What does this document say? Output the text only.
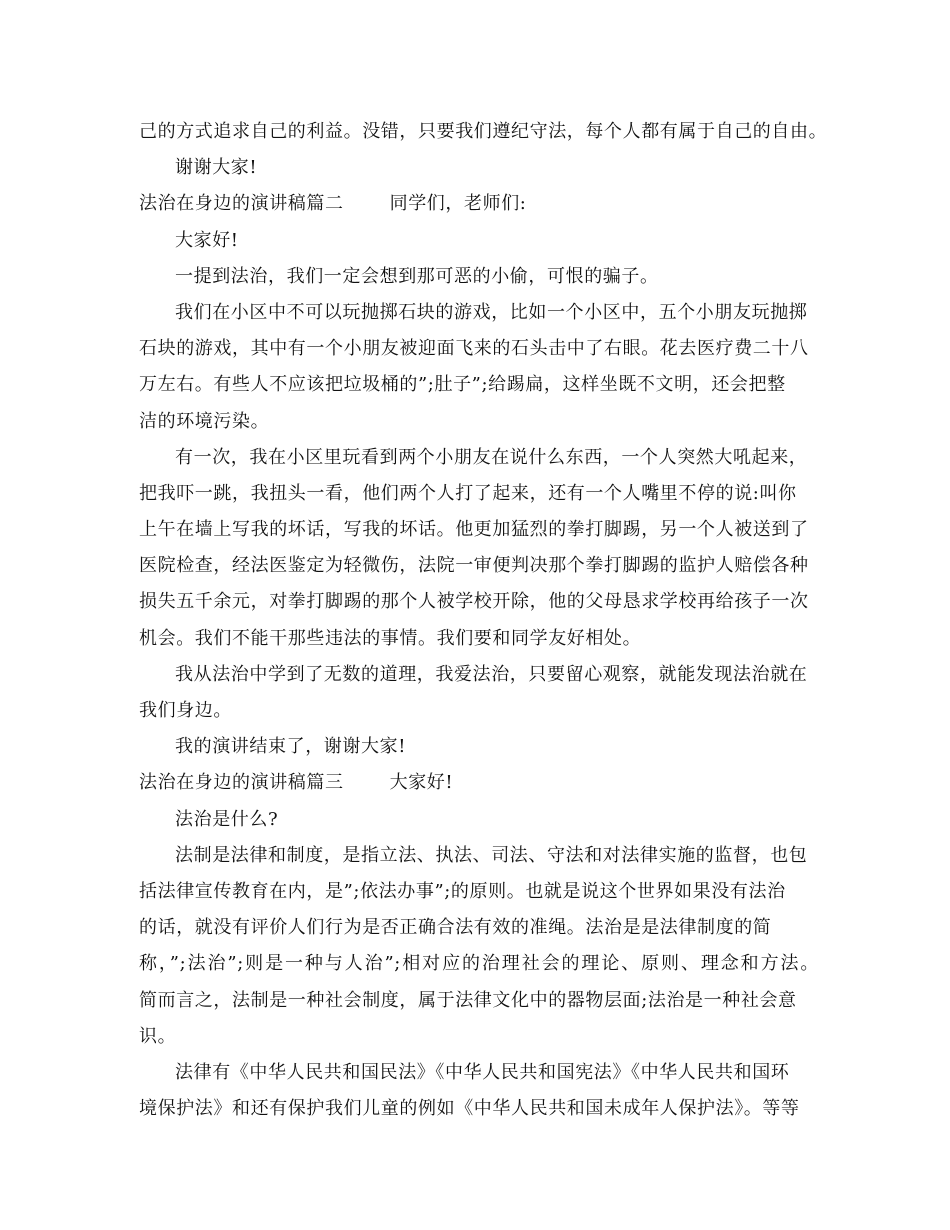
己的方式追求自己的利益。没错，只要我们遵纪守法，每个人都有属于自己的自由。
谢谢大家!
法治在身边的演讲稿篇二	同学们，老师们:
大家好!
一提到法治，我们一定会想到那可恶的小偷，可恨的骗子。
我们在小区中不可以玩抛掷石块的游戏，比如一个小区中，五个小朋友玩抛掷
石块的游戏，其中有一个小朋友被迎面飞来的石头击中了右眼。花去医疗费二十八
万左右。有些人不应该把垃圾桶的”;肚子”;给踢扁，这样坐既不文明，还会把整
洁的环境污染。
有一次，我在小区里玩看到两个小朋友在说什么东西，一个人突然大吼起来，
把我吓一跳，我扭头一看，他们两个人打了起来，还有一个人嘴里不停的说:叫你
上午在墙上写我的坏话，写我的坏话。他更加猛烈的拳打脚踢，另一个人被送到了
医院检查，经法医鉴定为轻微伤，法院一审便判决那个拳打脚踢的监护人赔偿各种
损失五千余元，对拳打脚踢的那个人被学校开除，他的父母恳求学校再给孩子一次
机会。我们不能干那些违法的事情。我们要和同学友好相处。
我从法治中学到了无数的道理，我爱法治，只要留心观察，就能发现法治就在
我们身边。
我的演讲结束了，谢谢大家!
法治在身边的演讲稿篇三	大家好!
法治是什么?
法制是法律和制度，是指立法、执法、司法、守法和对法律实施的监督，也包
括法律宣传教育在内，是”;依法办事”;的原则。也就是说这个世界如果没有法治
的话，就没有评价人们行为是否正确合法有效的准绳。法治是是法律制度的简
称，”;法治”;则是一种与人治”;相对应的治理社会的理论、原则、理念和方法。
简而言之，法制是一种社会制度，属于法律文化中的器物层面;法治是一种社会意
识。
法律有《中华人民共和国民法》《中华人民共和国宪法》《中华人民共和国环
境保护法》和还有保护我们儿童的例如《中华人民共和国未成年人保护法》。等等
